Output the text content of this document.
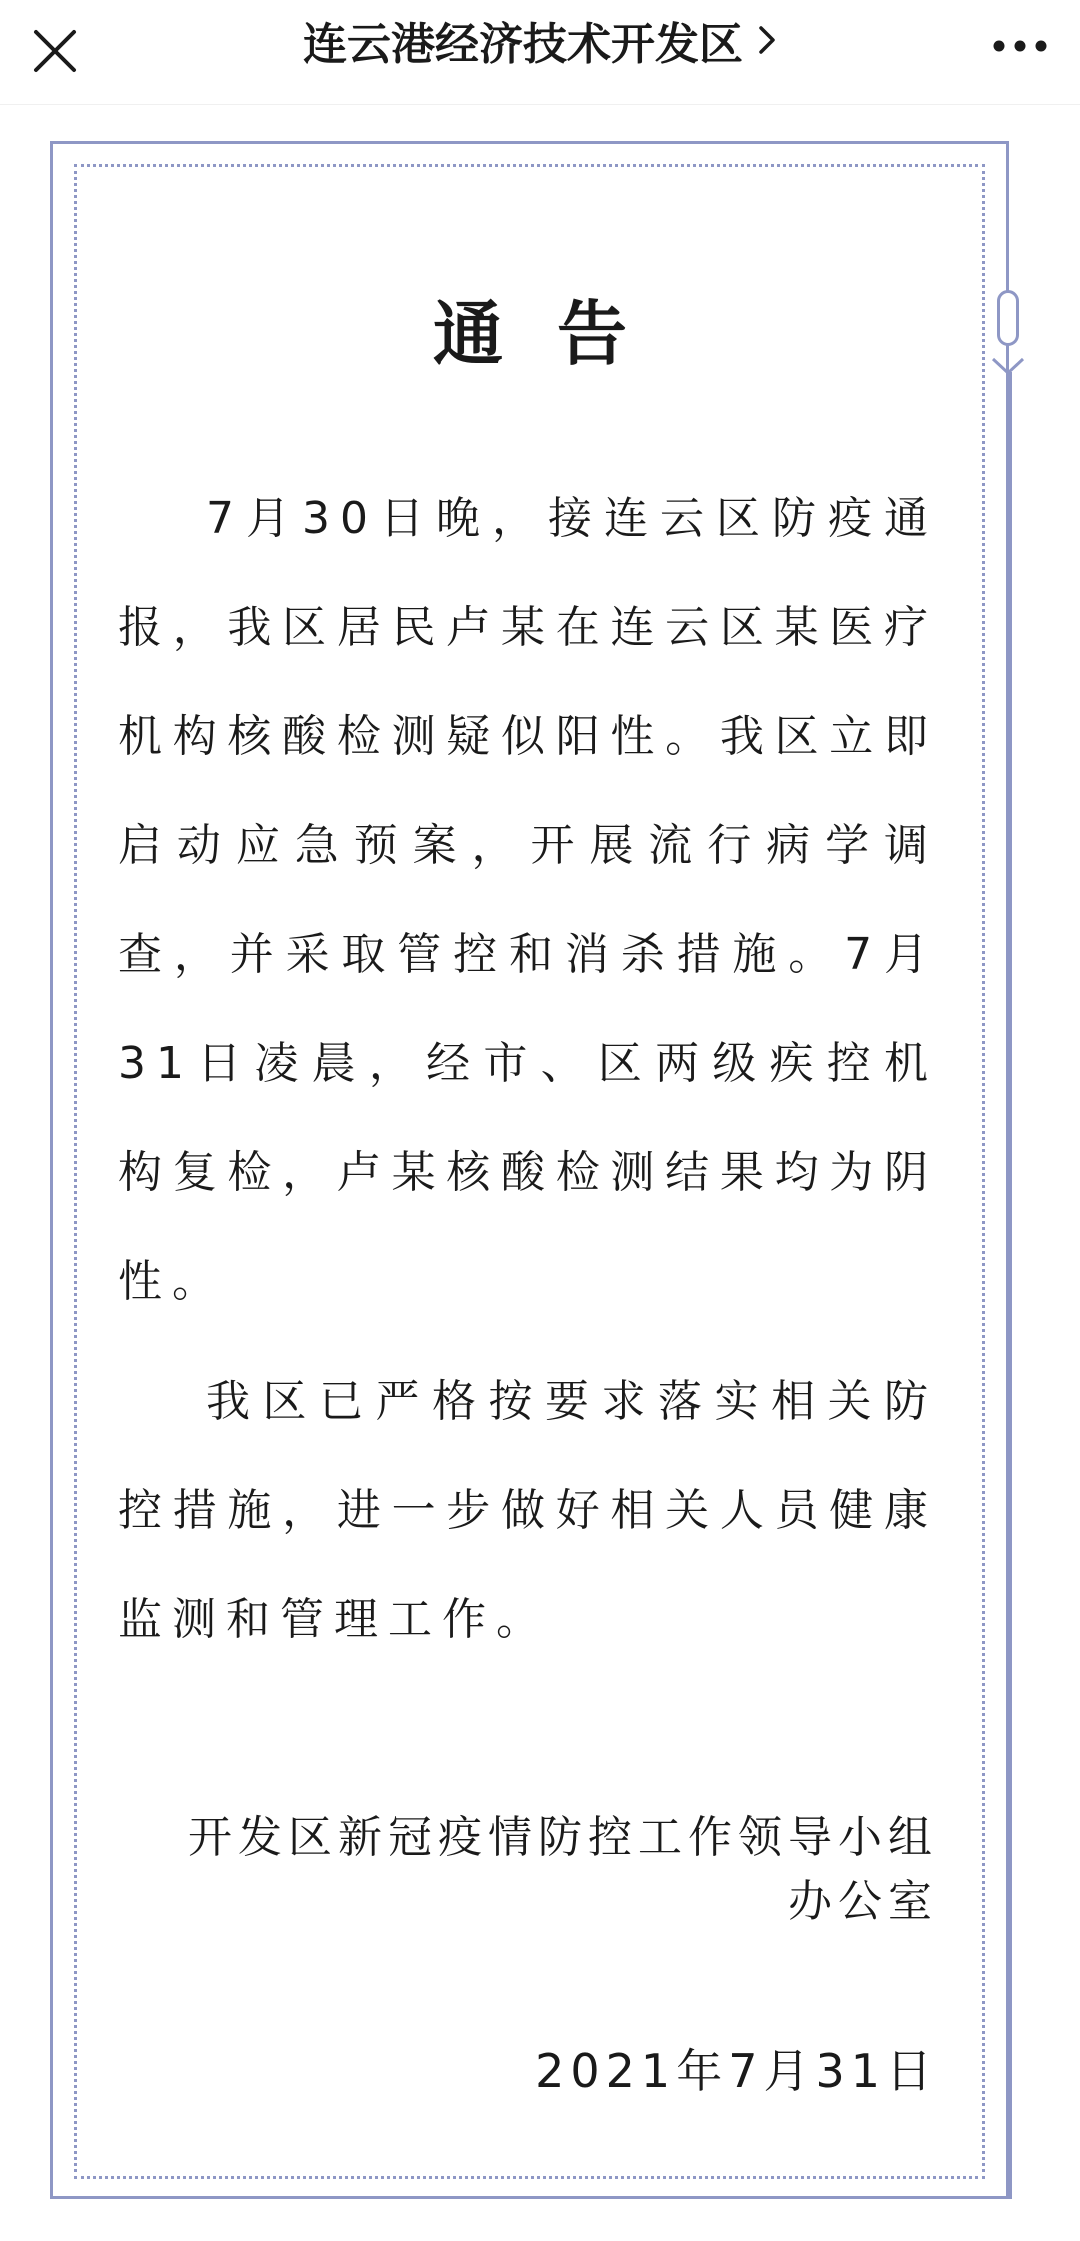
连云港经济技术开发区
通告

7月30日晚，接连云区防疫通报，我区居民卢某在连云区某医疗机构核酸检测疑似阳性。我区立即启动应急预案，开展流行病学调查，并采取管控和消杀措施。7月31日凌晨，经市、区两级疾控机构复检，卢某核酸检测结果均为阴性。

我区已严格按要求落实相关防控措施，进一步做好相关人员健康监测和管理工作。

开发区新冠疫情防控工作领导小组
办公室
2021年7月31日
